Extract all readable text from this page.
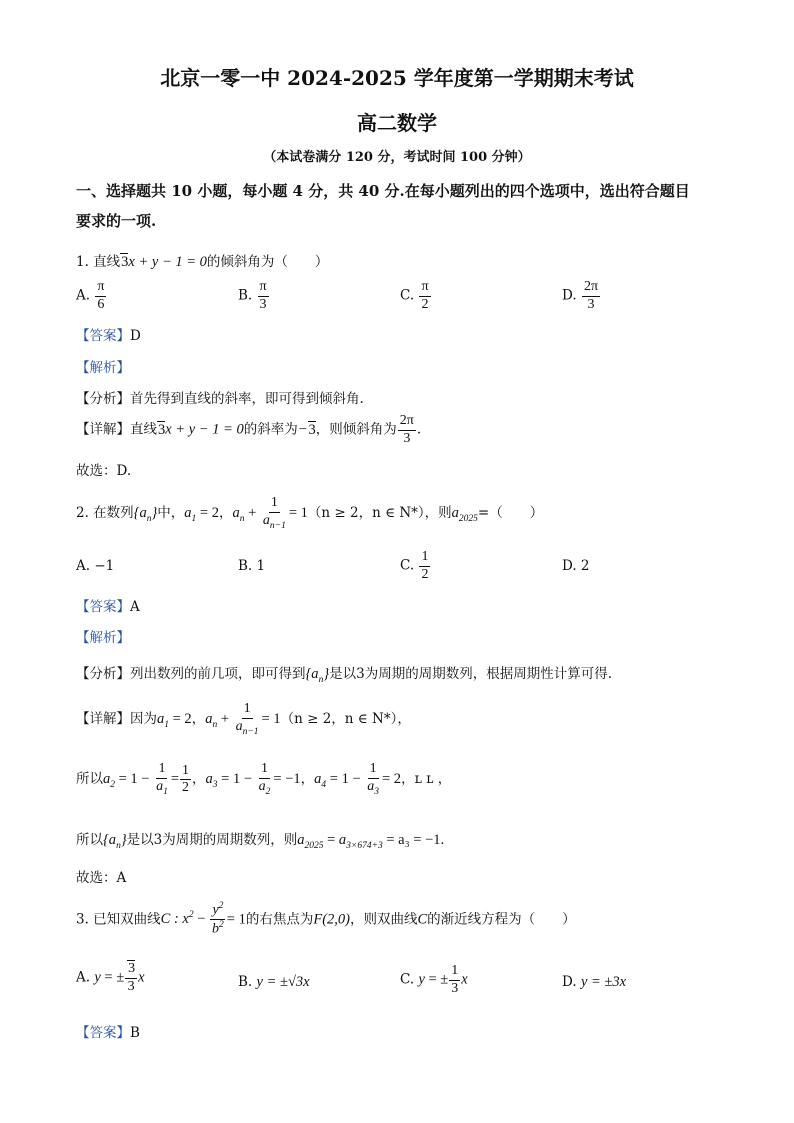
北京一零一中 2024-2025 学年度第一学期期末考试
高二数学
（本试卷满分 120 分，考试时间 100 分钟）
一、选择题共 10 小题，每小题 4 分，共 40 分.在每小题列出的四个选项中，选出符合题目
要求的一项.
1. 直线3x + y − 1 = 0的倾斜角为（　　）
A. $\frac{\pi}{6}$	B. $\frac{\pi}{3}$	C. $\frac{\pi}{2}$	D. $\frac{2\pi}{3}$
【答案】D
【解析】
【分析】首先得到直线的斜率，即可得到倾斜角.
【详解】直线3x + y − 1 = 0的斜率为−3，则倾斜角为 $\frac{2\pi}{3}$ .
故选：D.
2. 在数列$\{a_n\}$中，$a_1 = 2$，$a_n + \frac{1}{a_{n-1}} = 1(n \ge 2$，n ∈ N*），则$a_{2025}=$（　　）
A. −1	B. 1	C. $\frac{1}{2}$	D. 2
【答案】A
【解析】
【分析】列出数列的前几项，即可得到$\{a_n\}$是以3为周期的周期数列，根据周期性计算可得.
【详解】因为$a_1 = 2$，$a_n + \frac{1}{a_{n-1}} = 1(n \ge 2$，n ∈ N*），
所以$a_2 = 1 - \frac{1}{a_1} = \frac{1}{2}$ ，$a_3 = 1 - \frac{1}{a_2} = -1$，$a_4 = 1 - \frac{1}{a_3} = 2$，ʟ ʟ ，
所以$\{a_n\}$是以3为周期的周期数列，则$a_{2025} = a_{3\times 674+3} = a_3 = -1$.
故选：A
3. 已知双曲线C : $x^2 - \frac{y^2}{b^2} = 1$的右焦点为F(2,0)，则双曲线C的渐近线方程为（　　）
A. y = ± $\frac{3}{3}$ x	B. y = ±√3x	C. y = ± $\frac{1}{3}$ x	D. y = ±3x
【答案】B
